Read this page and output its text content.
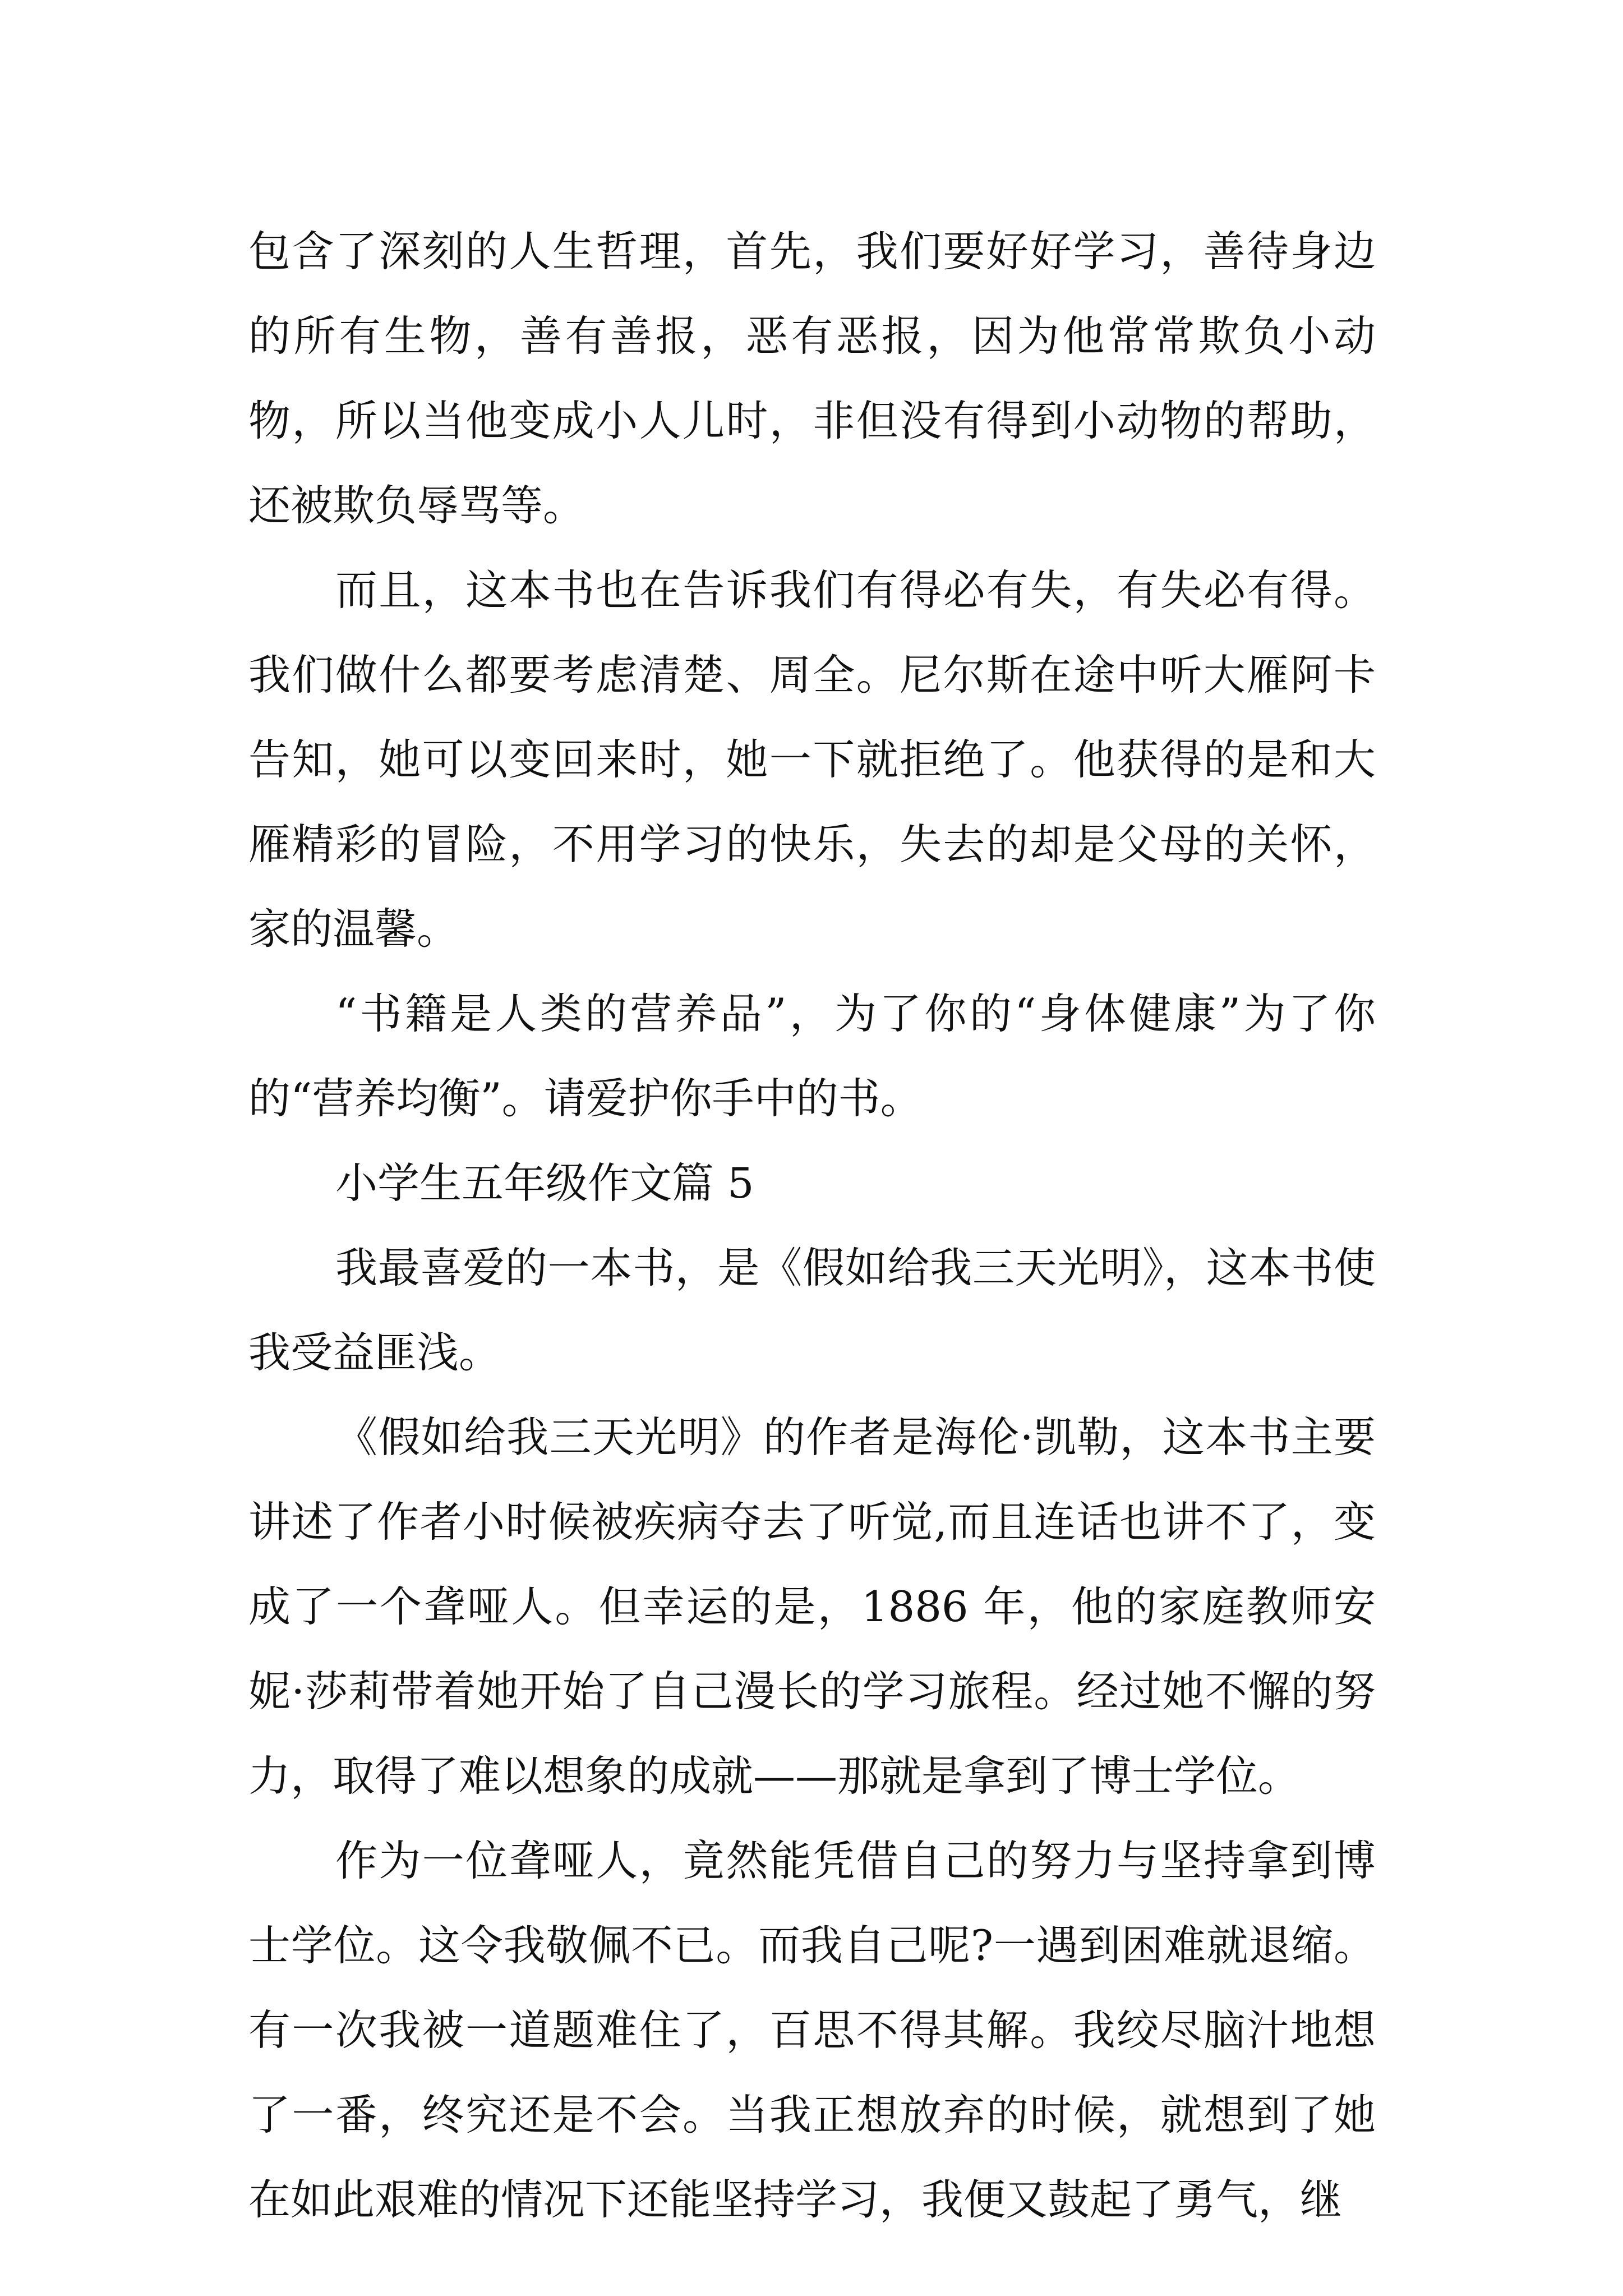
包含了深刻的人生哲理，首先，我们要好好学习，善待身边的所有生物，善有善报，恶有恶报，因为他常常欺负小动物，所以当他变成小人儿时，非但没有得到小动物的帮助，还被欺负辱骂等。

而且，这本书也在告诉我们有得必有失，有失必有得。我们做什么都要考虑清楚、周全。尼尔斯在途中听大雁阿卡告知，她可以变回来时，她一下就拒绝了。他获得的是和大雁精彩的冒险，不用学习的快乐，失去的却是父母的关怀，家的温馨。

“书籍是人类的营养品”，为了你的“身体健康”为了你的“营养均衡”。请爱护你手中的书。

小学生五年级作文篇 5

我最喜爱的一本书，是《假如给我三天光明》，这本书使我受益匪浅。

《假如给我三天光明》的作者是海伦·凯勒，这本书主要讲述了作者小时候被疾病夺去了听觉,而且连话也讲不了，变成了一个聋哑人。但幸运的是，1886 年，他的家庭教师安妮·莎莉带着她开始了自己漫长的学习旅程。经过她不懈的努力，取得了难以想象的成就——那就是拿到了博士学位。

作为一位聋哑人，竟然能凭借自己的努力与坚持拿到博士学位。这令我敬佩不已。而我自己呢?一遇到困难就退缩。有一次我被一道题难住了，百思不得其解。我绞尽脑汁地想了一番，终究还是不会。当我正想放弃的时候，就想到了她在如此艰难的情况下还能坚持学习，我便又鼓起了勇气，继
